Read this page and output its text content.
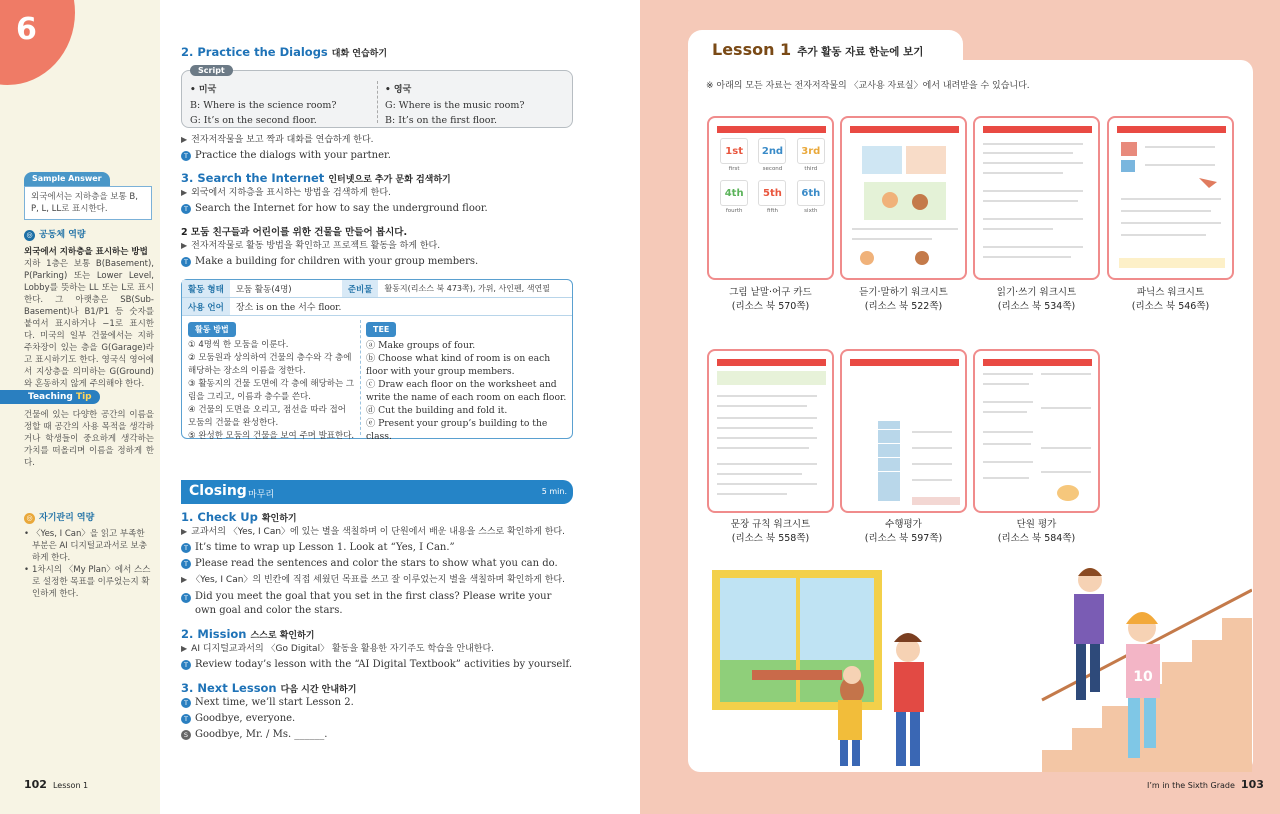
6
Sample Answer
외국에서는 지하층을 보통 B, P, L, LL로 표시한다.
◎ 공동체 역량
외국에서 지하층을 표시하는 방법
지하 1층은 보통 B(Basement), P(Parking) 또는 Lower Level, Lobby를 뜻하는 LL 또는 L로 표시한다. 그 아랫층은 SB(Sub-Basement)나 B1/P1 등 숫자를 붙여서 표시하거나 −1로 표시한다. 미국의 일부 건물에서는 지하 주차장이 있는 층을 G(Garage)라고 표시하기도 한다. 영국식 영어에서 지상층을 의미하는 G(Ground)와 혼동하지 않게 주의해야 한다.
Teaching Tip
건물에 있는 다양한 공간의 이름을 정할 때 공간의 사용 목적을 생각하거나 학생들이 중요하게 생각하는 가치를 떠올리며 이름을 정하게 한다.
◎ 자기관리 역량
• 〈Yes, I Can〉을 읽고 부족한 부분은 AI 디지털교과서로 보충하게 한다.
• 1차시의 〈My Plan〉에서 스스로 설정한 목표를 이루었는지 확인하게 한다.
102 Lesson 1
2. Practice the Dialogs 대화 연습하기
Script
• 미국
B: Where is the science room?
G: It’s on the second floor.
• 영국
G: Where is the music room?
B: It’s on the first floor.
▶ 전자저작물을 보고 짝과 대화를 연습하게 한다.
T Practice the dialogs with your partner.
3. Search the Internet 인터넷으로 추가 문화 검색하기
▶ 외국에서 지하층을 표시하는 방법을 검색하게 한다.
T Search the Internet for how to say the underground floor.
2 모둠 친구들과 어린이를 위한 건물을 만들어 봅시다.
▶ 전자저작물로 활동 방법을 확인하고 프로젝트 활동을 하게 한다.
T Make a building for children with your group members.
활동 형태	모둠 활동(4명)	준비물	활동지(리소스 북 473쪽), 가위, 사인펜, 색연필
사용 언어	장소 is on the 서수 floor.
활동 방법
① 4명씩 한 모둠을 이룬다.
② 모둠원과 상의하여 건물의 층수와 각 층에 해당하는 장소의 이름을 정한다.
③ 활동지의 건물 도면에 각 층에 해당하는 그림을 그리고, 이름과 층수를 쓴다.
④ 건물의 도면을 오리고, 점선을 따라 접어 모둠의 건물을 완성한다.
⑤ 완성한 모둠의 건물을 보여 주며 발표한다.
TEE
ⓐ Make groups of four.
ⓑ Choose what kind of room is on each floor with your group members.
ⓒ Draw each floor on the worksheet and write the name of each room on each floor.
ⓓ Cut the building and fold it.
ⓔ Present your group’s building to the class.
Closing 마무리	5 min.
1. Check Up 확인하기
▶ 교과서의 〈Yes, I Can〉에 있는 별을 색칠하며 이 단원에서 배운 내용을 스스로 확인하게 한다.
T It’s time to wrap up Lesson 1. Look at “Yes, I Can.”
T Please read the sentences and color the stars to show what you can do.
▶ 〈Yes, I Can〉의 빈칸에 직접 세웠던 목표를 쓰고 잘 이루었는지 별을 색칠하며 확인하게 한다.
T Did you meet the goal that you set in the first class? Please write your own goal and color the stars.
2. Mission 스스로 확인하기
▶ AI 디지털교과서의 〈Go Digital〉 활동을 활용한 자기주도 학습을 안내한다.
T Review today’s lesson with the “AI Digital Textbook” activities by yourself.
3. Next Lesson 다음 시간 안내하기
T Next time, we’ll start Lesson 2.
T Goodbye, everyone.
S Goodbye, Mr. / Ms. ______.
Lesson 1 추가 활동 자료 한눈에 보기
※ 아래의 모든 자료는 전자저작물의 〈교사용 자료실〉에서 내려받을 수 있습니다.
1st
first
2nd
second
3rd
third
4th
fourth
5th
fifth
6th
sixth
그림 낱말·어구 카드
(리소스 북 570쪽)
듣기·말하기 워크시트
(리소스 북 522쪽)
읽기·쓰기 워크시트
(리소스 북 534쪽)
파닉스 워크시트
(리소스 북 546쪽)
문장 규칙 워크시트
(리소스 북 558쪽)
수행평가
(리소스 북 597쪽)
단원 평가
(리소스 북 584쪽)
10
I’m in the Sixth Grade 103
